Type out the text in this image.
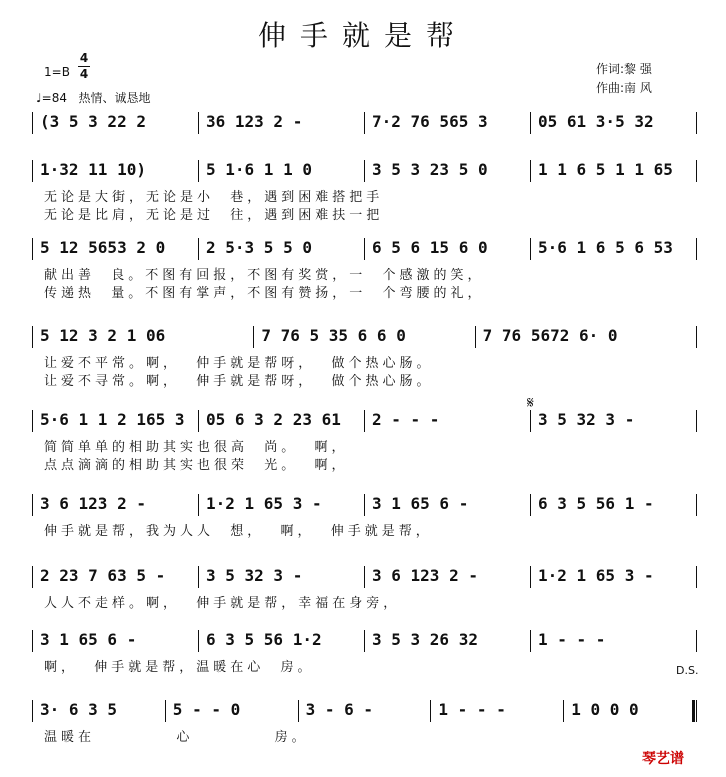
伸手就是帮
1=B
4
4
♩=84 热情、诚恳地
作词:黎 强
作曲:南 风
(3 5 3 22 2	36 123 2 -	7·2 76 565 3	05 61 3·5 32
1·32 11 10)	5 1·6 1 1 0	3 5 3 23 5 0	1 1 6 5 1 1 65
无论是大街，无论是小  巷，遇到困难搭把手
无论是比肩，无论是过  往，遇到困难扶一把
5 12 5653 2 0	2 5·3 5 5 0	6 5 6 15 6 0	5·6 1 6 5 6 53
献出善  良。不图有回报，不图有奖赏，一  个感激的笑，
传递热  量。不图有掌声，不图有赞扬，一  个弯腰的礼，
5 12 3 2 1 06	7 76 5 35 6 6 0	7 76 5672 6· 0
让爱不平常。啊，  仲手就是帮呀，  做个热心肠。
让爱不寻常。啊，  伸手就是帮呀，  做个热心肠。
5·6 1 1 2 165 3 05 6 3 2 23 61 2 - - -	3 5 32 3 -
简简单单的相助其实也很高  尚。  啊，
点点滴滴的相助其实也很荣  光。  啊，
3 6 123 2 -	1·2 1 65 3 -	3 1 65 6 -	6 3 5 56 1 -
伸手就是帮，我为人人  想，  啊，  伸手就是帮，
2 23 7 63 5 -	3 5 32 3 -	3 6 123 2 -	1·2 1 65 3 -
人人不走样。啊，  伸手就是帮，幸福在身旁，
3 1 65 6 -	6 3 5 56 1·2	3 5 3 26 32	1 - - -
啊，  伸手就是帮，温暖在心  房。
3· 6 3 5	5 - - 0	3 - 6 -	1 - - -	1 0 0 0
温暖在          心          房。
𝄋
D.S.
琴艺谱
